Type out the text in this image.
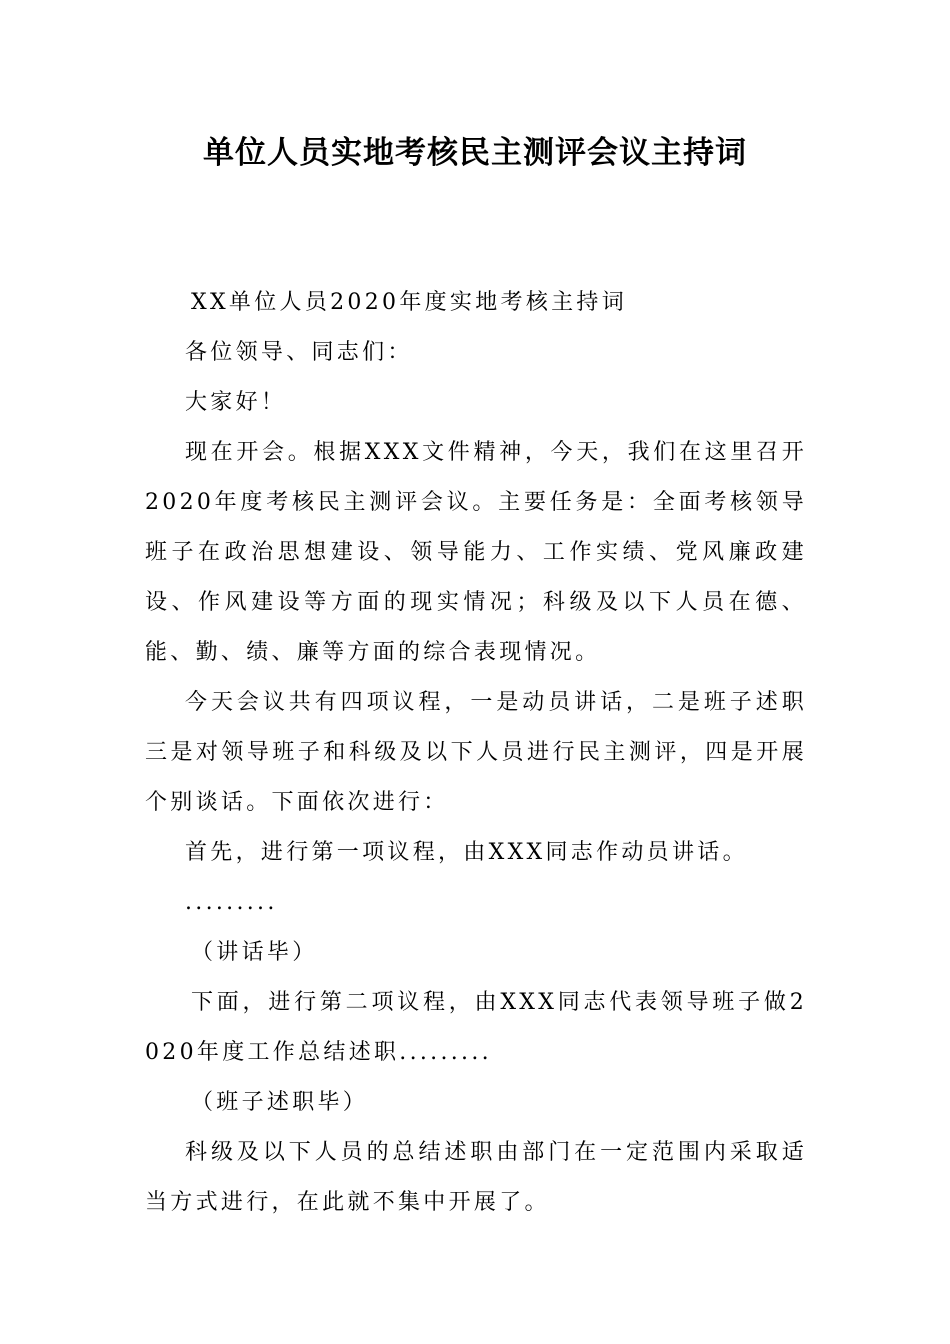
单位人员实地考核民主测评会议主持词

XX单位人员2020年度实地考核主持词

各位领导、同志们：

大家好！

现在开会。根据XXX文件精神，今天，我们在这里召开2020年度考核民主测评会议。主要任务是：全面考核领导班子在政治思想建设、领导能力、工作实绩、党风廉政建设、作风建设等方面的现实情况；科级及以下人员在德、能、勤、绩、廉等方面的综合表现情况。

今天会议共有四项议程，一是动员讲话，二是班子述职三是对领导班子和科级及以下人员进行民主测评，四是开展个别谈话。下面依次进行：

首先，进行第一项议程，由XXX同志作动员讲话。

.........

（讲话毕）

下面，进行第二项议程，由XXX同志代表领导班子做2020年度工作总结述职.........

（班子述职毕）

科级及以下人员的总结述职由部门在一定范围内采取适当方式进行，在此就不集中开展了。
